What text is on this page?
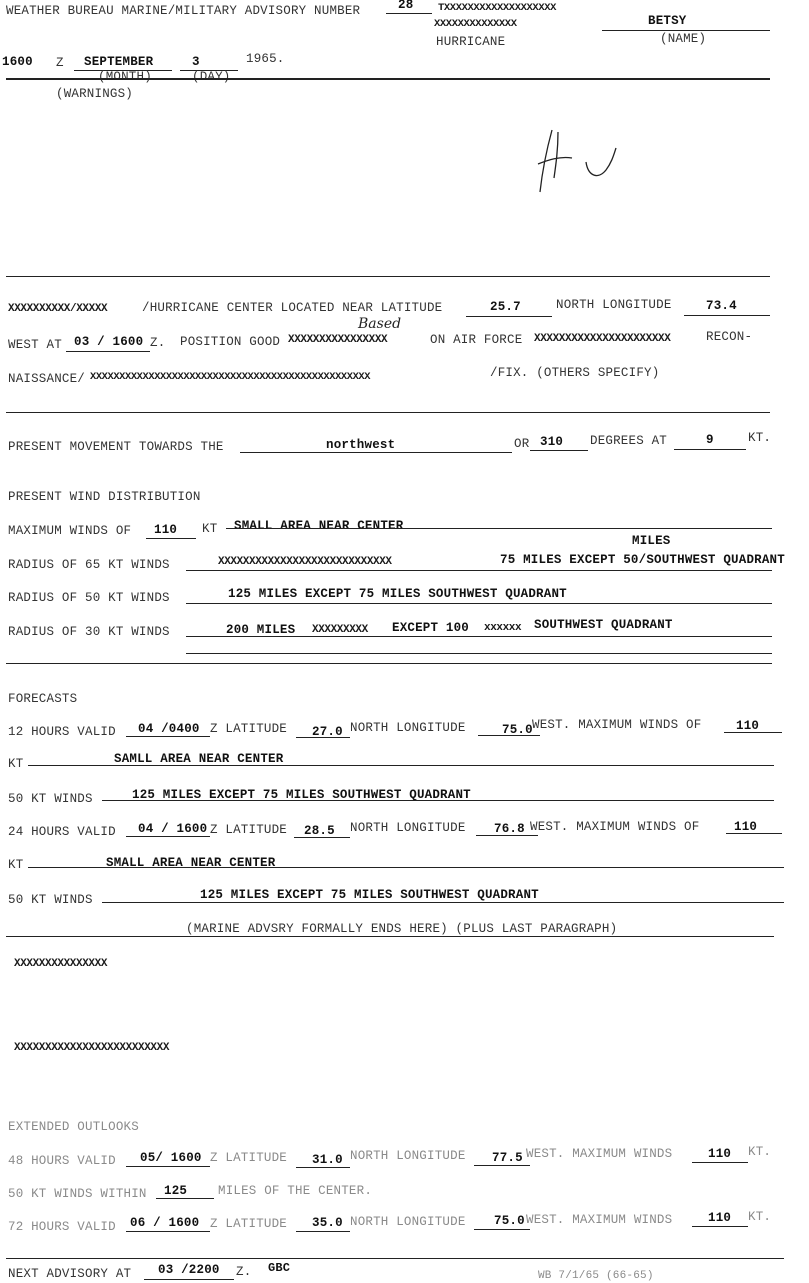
WEATHER BUREAU MARINE/MILITARY ADVISORY NUMBER	28 TXXXXXXXXXXXXXXXXXXX
XXXXXXXXXXXXXX
HURRICANE
BETSY
(NAME)
1600 Z SEPTEMBER
(MONTH)
3
(DAY)
1965.
(WARNINGS)
XXXXXXXXXX/XXXXX	/HURRICANE CENTER LOCATED NEAR LATITUDE	25.7	NORTH LONGITUDE	73.4
WEST AT 03 / 1600 Z. POSITION GOOD XXXXXXXXXXXXXXXX
Based
ON AIR FORCE XXXXXXXXXXXXXXXXXXXXXX	RECON-
NAISSANCE/ XXXXXXXXXXXXXXXXXXXXXXXXXXXXXXXXXXXXXXXXXXXXXXXX	/FIX. (OTHERS SPECIFY)
PRESENT MOVEMENT TOWARDS THE	northwest	OR 310 DEGREES AT	9	KT.
PRESENT WIND DISTRIBUTION
MAXIMUM WINDS OF 110 KT SMALL AREA NEAR CENTER
RADIUS OF 65 KT WINDS	XXXXXXXXXXXXXXXXXXXXXXXXXXXX	75 MILES EXCEPT 50/SOUTHWEST QUADRANT
MILES
RADIUS OF 50 KT WINDS	125 MILES EXCEPT 75 MILES SOUTHWEST QUADRANT
RADIUS OF 30 KT WINDS	200 MILES XXXXXXXXX EXCEPT 100 xxxxxx SOUTHWEST QUADRANT
FORECASTS
12 HOURS VALID 04 /0400 Z LATITUDE 27.0 NORTH LONGITUDE	75.0 WEST. MAXIMUM WINDS OF	110
KT	SAMLL AREA NEAR CENTER
50 KT WINDS	125 MILES EXCEPT 75 MILES SOUTHWEST QUADRANT
24 HOURS VALID 04 / 1600 Z LATITUDE 28.5 NORTH LONGITUDE 76.8 WEST. MAXIMUM WINDS OF	110
KT	SMALL AREA NEAR CENTER
50 KT WINDS	125 MILES EXCEPT 75 MILES SOUTHWEST QUADRANT
(MARINE ADVSRY FORMALLY ENDS HERE) (PLUS LAST PARAGRAPH)
XXXXXXXXXXXXXXX
XXXXXXXXXXXXXXXXXXXXXXXXX
EXTENDED OUTLOOKS
48 HOURS VALID 05/ 1600 Z LATITUDE 31.0 NORTH LONGITUDE 77.5 WEST. MAXIMUM WINDS	110 KT.
50 KT WINDS WITHIN 125 MILES OF THE CENTER.
72 HOURS VALID 06 / 1600 Z LATITUDE 35.0 NORTH LONGITUDE 75.0 WEST. MAXIMUM WINDS	110 KT.
NEXT ADVISORY AT 03 /2200 Z. GBC
WB 7/1/65 (66-65)
